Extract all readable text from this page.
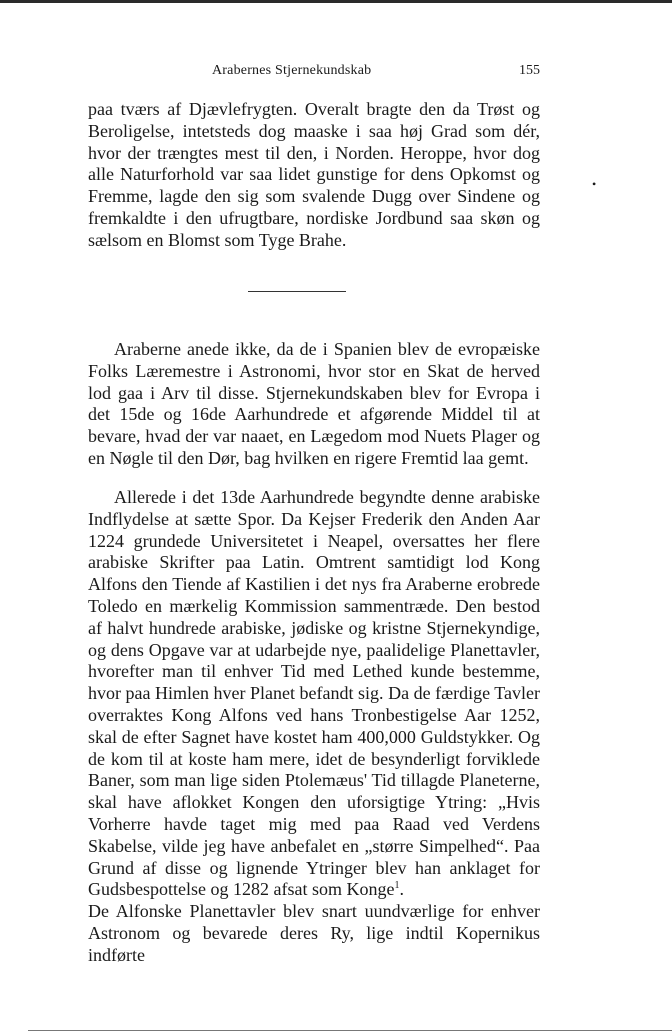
Arabernes Stjernekundskab	155

paa tværs af Djævlefrygten. Overalt bragte den da Trøst og Beroligelse, intetsteds dog maaske i saa høj Grad som dér, hvor der trængtes mest til den, i Norden. Heroppe, hvor dog alle Naturforhold var saa lidet gunstige for dens Opkomst og Fremme, lagde den sig som svalende Dugg over Sindene og fremkaldte i den ufrugtbare, nordiske Jordbund saa skøn og sælsom en Blomst som Tyge Brahe.

•

Araberne anede ikke, da de i Spanien blev de evropæiske Folks Læremestre i Astronomi, hvor stor en Skat de herved lod gaa i Arv til disse. Stjernekundskaben blev for Evropa i det 15de og 16de Aarhundrede et afgørende Middel til at bevare, hvad der var naaet, en Lægedom mod Nuets Plager og en Nøgle til den Dør, bag hvilken en rigere Fremtid laa gemt.

Allerede i det 13de Aarhundrede begyndte denne arabiske Indflydelse at sætte Spor. Da Kejser Frederik den Anden Aar 1224 grundede Universitetet i Neapel, oversattes her flere arabiske Skrifter paa Latin. Omtrent samtidigt lod Kong Alfons den Tiende af Kastilien i det nys fra Araberne erobrede Toledo en mærkelig Kommission sammentræde. Den bestod af halvt hundrede arabiske, jødiske og kristne Stjernekyndige, og dens Opgave var at udarbejde nye, paalidelige Planettavler, hvorefter man til enhver Tid med Lethed kunde bestemme, hvor paa Himlen hver Planet befandt sig. Da de færdige Tavler overraktes Kong Alfons ved hans Tronbestigelse Aar 1252, skal de efter Sagnet have kostet ham 400,000 Guldstykker. Og de kom til at koste ham mere, idet de besynderligt forviklede Baner, som man lige siden Ptolemæus' Tid tillagde Planeterne, skal have aflokket Kongen den uforsigtige Ytring: „Hvis Vorherre havde taget mig med paa Raad ved Verdens Skabelse, vilde jeg have anbefalet en „større Simpelhed“. Paa Grund af disse og lignende Ytringer blev han anklaget for Gudsbespottelse og 1282 afsat som Konge$^1$.

De Alfonske Planettavler blev snart uundværlige for enhver Astronom og bevarede deres Ry, lige indtil Kopernikus indførte
